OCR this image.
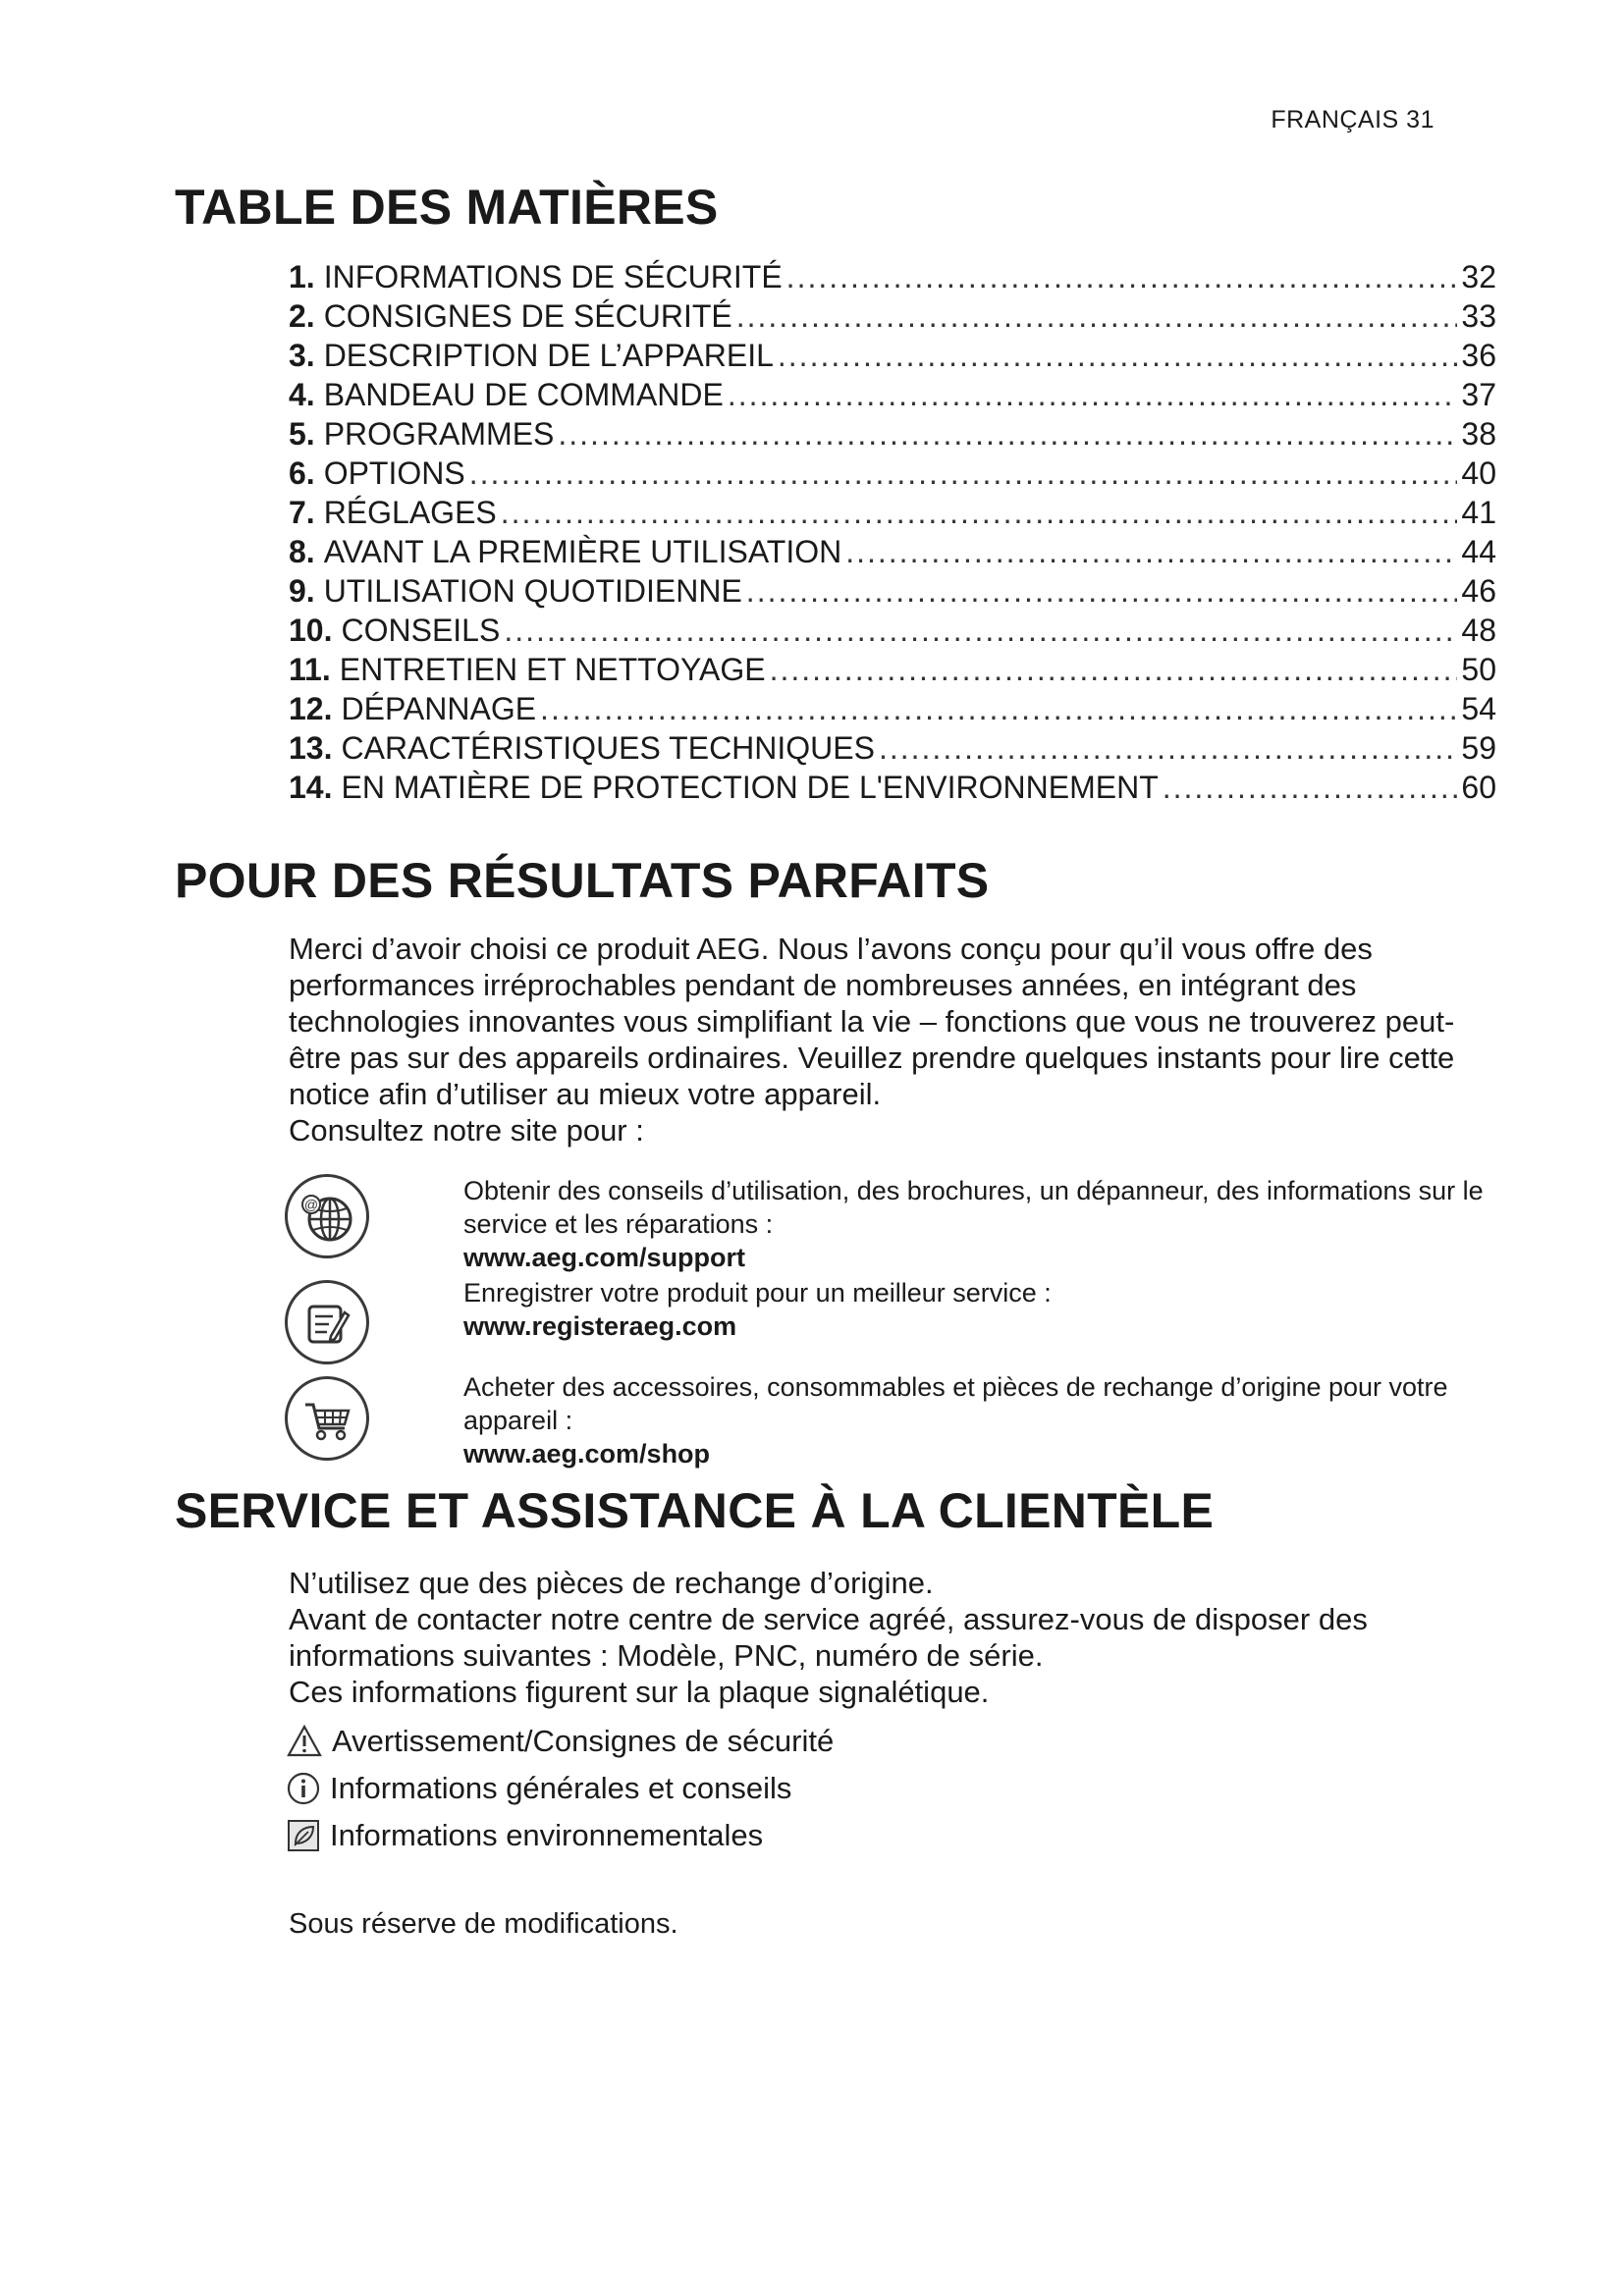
FRANÇAIS 31
TABLE DES MATIÈRES
1. INFORMATIONS DE SÉCURITÉ .....	32
2. CONSIGNES DE SÉCURITÉ .....	33
3. DESCRIPTION DE L’APPAREIL .....	36
4. BANDEAU DE COMMANDE .....	37
5. PROGRAMMES .....	38
6. OPTIONS .....	40
7. RÉGLAGES .....	41
8. AVANT LA PREMIÈRE UTILISATION .....	44
9. UTILISATION QUOTIDIENNE .....	46
10. CONSEILS .....	48
11. ENTRETIEN ET NETTOYAGE .....	50
12. DÉPANNAGE .....	54
13. CARACTÉRISTIQUES TECHNIQUES .....	59
14. EN MATIÈRE DE PROTECTION DE L'ENVIRONNEMENT .....	60
POUR DES RÉSULTATS PARFAITS

Merci d’avoir choisi ce produit AEG. Nous l’avons conçu pour qu’il vous offre des performances irréprochables pendant de nombreuses années, en intégrant des technologies innovantes vous simplifiant la vie – fonctions que vous ne trouverez peut-être pas sur des appareils ordinaires. Veuillez prendre quelques instants pour lire cette notice afin d’utiliser au mieux votre appareil.

Consultez notre site pour :

@	Obtenir des conseils d’utilisation, des brochures, un dépanneur, des informations sur le service et les réparations :
www.aeg.com/support
Enregistrer votre produit pour un meilleur service :
www.registeraeg.com
Acheter des accessoires, consommables et pièces de rechange d’origine pour votre appareil :
www.aeg.com/shop
SERVICE ET ASSISTANCE À LA CLIENTÈLE

N’utilisez que des pièces de rechange d’origine.

Avant de contacter notre centre de service agréé, assurez-vous de disposer des informations suivantes : Modèle, PNC, numéro de série.

Ces informations figurent sur la plaque signalétique.

Avertissement/Consignes de sécurité
Informations générales et conseils
Informations environnementales
Sous réserve de modifications.
